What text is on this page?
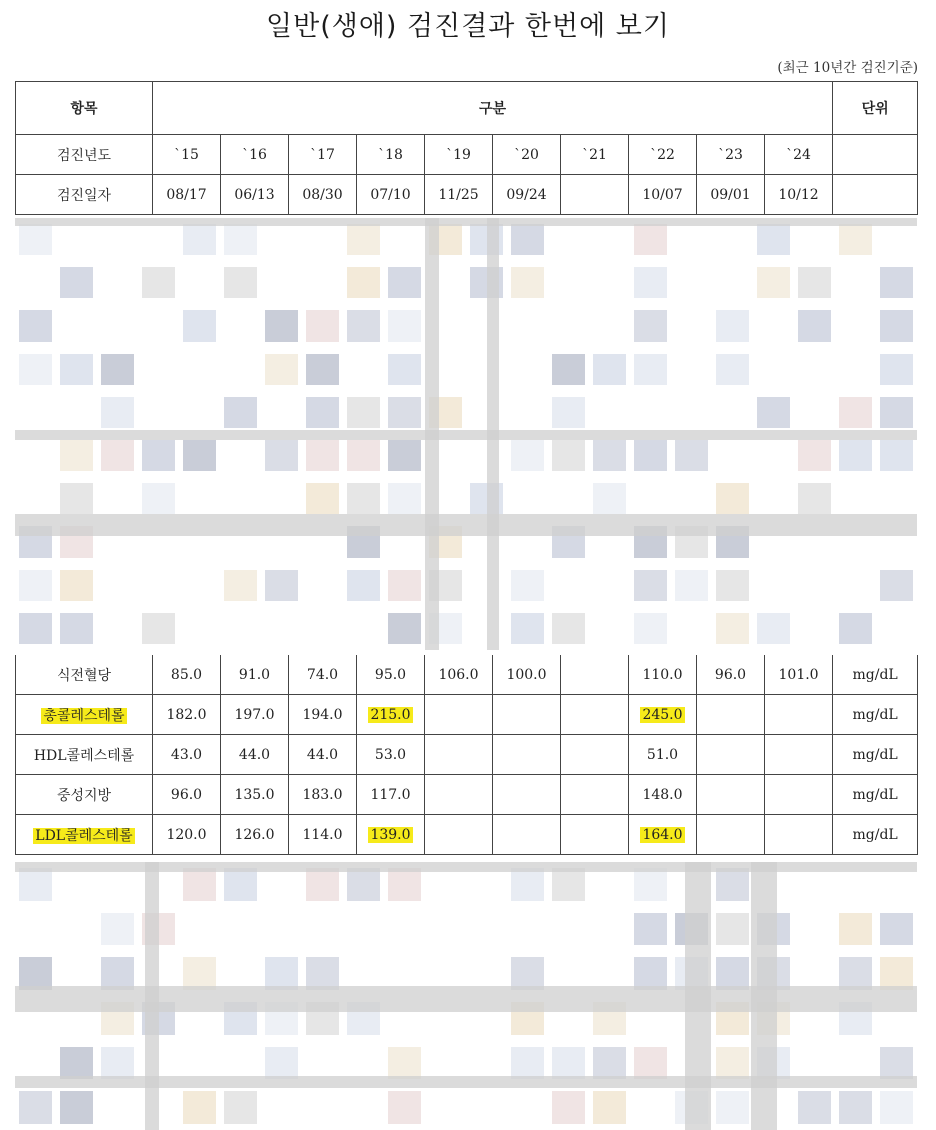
일반(생애) 검진결과 한번에 보기
(최근 10년간 검진기준)
항목	구분										단위
검진년도	`15	`16	`17	`18	`19	`20	`21	`22	`23	`24	
검진일자	08/17	06/13	08/30	07/10	11/25	09/24		10/07	09/01	10/12	

식전혈당	85.0	91.0	74.0	95.0	106.0	100.0		110.0	96.0	101.0	mg/dL
총콜레스테롤	182.0	197.0	194.0	215.0				245.0			mg/dL
HDL콜레스테롤	43.0	44.0	44.0	53.0				51.0			mg/dL
중성지방	96.0	135.0	183.0	117.0				148.0			mg/dL
LDL콜레스테롤	120.0	126.0	114.0	139.0				164.0			mg/dL
